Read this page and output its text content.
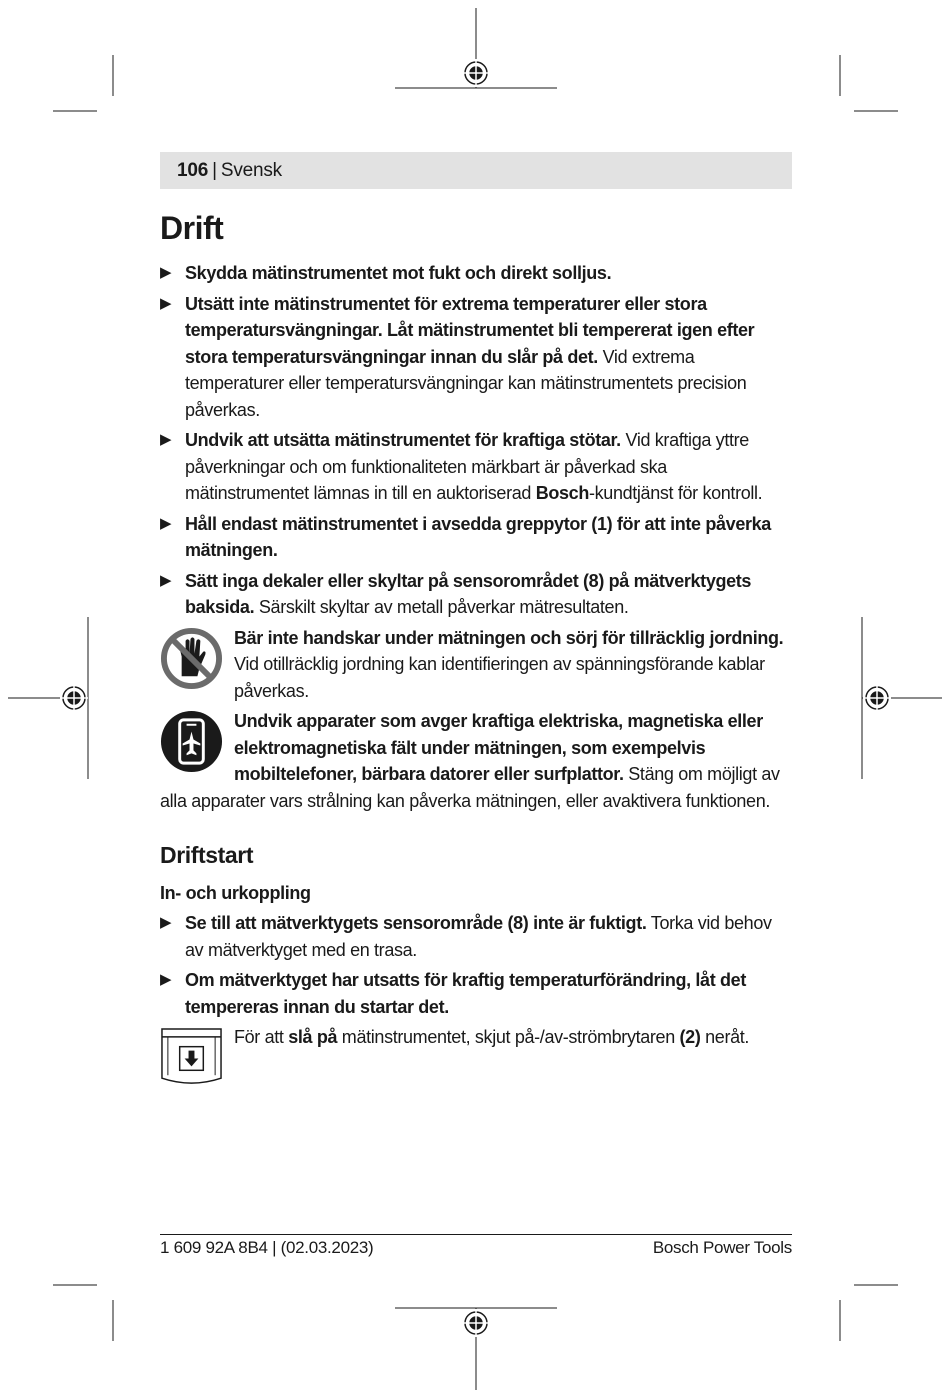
106 | Svensk
Drift
▶ Skydda mätinstrumentet mot fukt och direkt solljus.
▶ Utsätt inte mätinstrumentet för extrema temperaturer eller stora temperatursvängningar. Låt mätinstrumentet bli tempererat igen efter stora temperatursvängningar innan du slår på det. Vid extrema temperaturer eller temperatursvängningar kan mätinstrumentets precision påverkas.
▶ Undvik att utsätta mätinstrumentet för kraftiga stötar. Vid kraftiga yttre påverkningar och om funktionaliteten märkbart är påverkad ska mätinstrumentet lämnas in till en auktoriserad Bosch-kundtjänst för kontroll.
▶ Håll endast mätinstrumentet i avsedda greppytor (1) för att inte påverka mätningen.
▶ Sätt inga dekaler eller skyltar på sensorområdet (8) på mätverktygets baksida. Särskilt skyltar av metall påverkar mätresultaten.
Bär inte handskar under mätningen och sörj för tillräcklig jordning. Vid otillräcklig jordning kan identifieringen av spänningsförande kablar påverkas.
Undvik apparater som avger kraftiga elektriska, magnetiska eller elektromagnetiska fält under mätningen, som exempelvis mobiltelefoner, bärbara datorer eller surfplattor. Stäng om möjligt av alla apparater vars strålning kan påverka mätningen, eller avaktivera funktionen.
Driftstart
In- och urkoppling
▶ Se till att mätverktygets sensorområde (8) inte är fuktigt. Torka vid behov av mätverktyget med en trasa.
▶ Om mätverktyget har utsatts för kraftig temperaturförändring, låt det tempereras innan du startar det.
För att slå på mätinstrumentet, skjut på-/av-strömbrytaren (2) neråt.
1 609 92A 8B4 | (02.03.2023)	Bosch Power Tools
